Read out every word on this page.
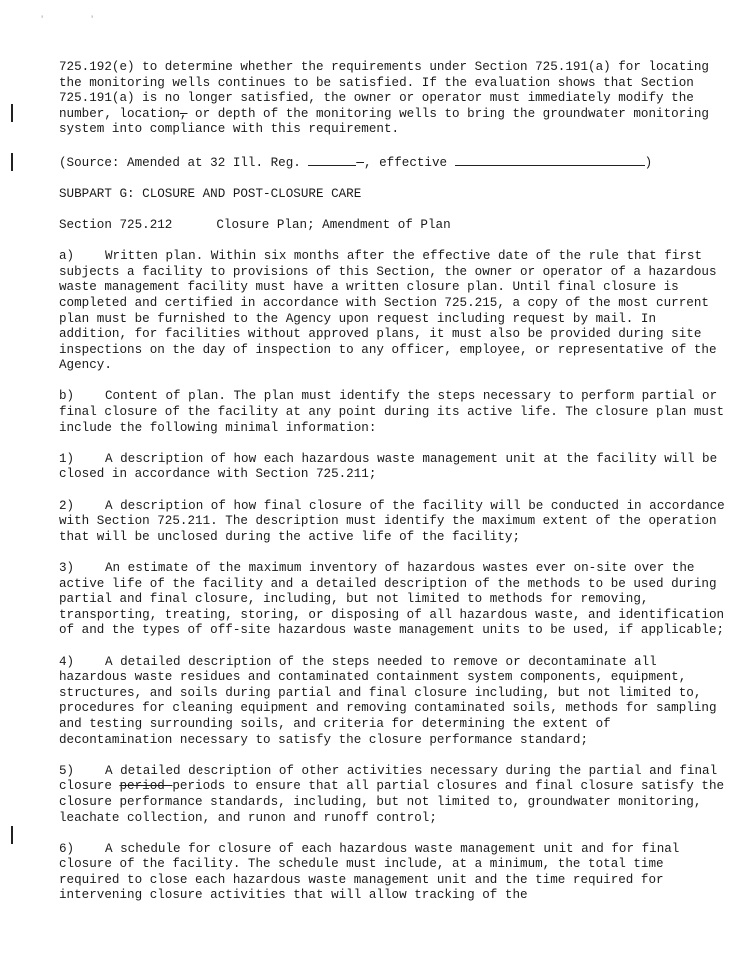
'	'

725.192(e) to determine whether the requirements under Section 725.191(a) for locating the monitoring wells continues to be satisfied. If the evaluation shows that Section 725.191(a) is no longer satisfied, the owner or operator must immediately modify the number, location, or depth of the monitoring wells to bring the groundwater monitoring system into compliance with this requirement.

(Source: Amended at 32 Ill. Reg.	—, effective	)

SUBPART G: CLOSURE AND POST-CLOSURE CARE

Section 725.212	Closure Plan; Amendment of Plan

a) Written plan. Within six months after the effective date of the rule that first subjects a facility to provisions of this Section, the owner or operator of a hazardous waste management facility must have a written closure plan. Until final closure is completed and certified in accordance with Section 725.215, a copy of the most current plan must be furnished to the Agency upon request including request by mail. In addition, for facilities without approved plans, it must also be provided during site inspections on the day of inspection to any officer, employee, or representative of the Agency.

b) Content of plan. The plan must identify the steps necessary to perform partial or final closure of the facility at any point during its active life. The closure plan must include the following minimal information:

1) A description of how each hazardous waste management unit at the facility will be closed in accordance with Section 725.211;

2) A description of how final closure of the facility will be conducted in accordance with Section 725.211. The description must identify the maximum extent of the operation that will be unclosed during the active life of the facility;

3) An estimate of the maximum inventory of hazardous wastes ever on-site over the active life of the facility and a detailed description of the methods to be used during partial and final closure, including, but not limited to methods for removing, transporting, treating, storing, or disposing of all hazardous waste, and identification of and the types of off-site hazardous waste management units to be used, if applicable;

4) A detailed description of the steps needed to remove or decontaminate all hazardous waste residues and contaminated containment system components, equipment, structures, and soils during partial and final closure including, but not limited to, procedures for cleaning equipment and removing contaminated soils, methods for sampling and testing surrounding soils, and criteria for determining the extent of decontamination necessary to satisfy the closure performance standard;

5) A detailed description of other activities necessary during the partial and final closure period periods to ensure that all partial closures and final closure satisfy the closure performance standards, including, but not limited to, groundwater monitoring, leachate collection, and runon and runoff control;

6) A schedule for closure of each hazardous waste management unit and for final closure of the facility. The schedule must include, at a minimum, the total time required to close each hazardous waste management unit and the time required for intervening closure activities that will allow tracking of the
